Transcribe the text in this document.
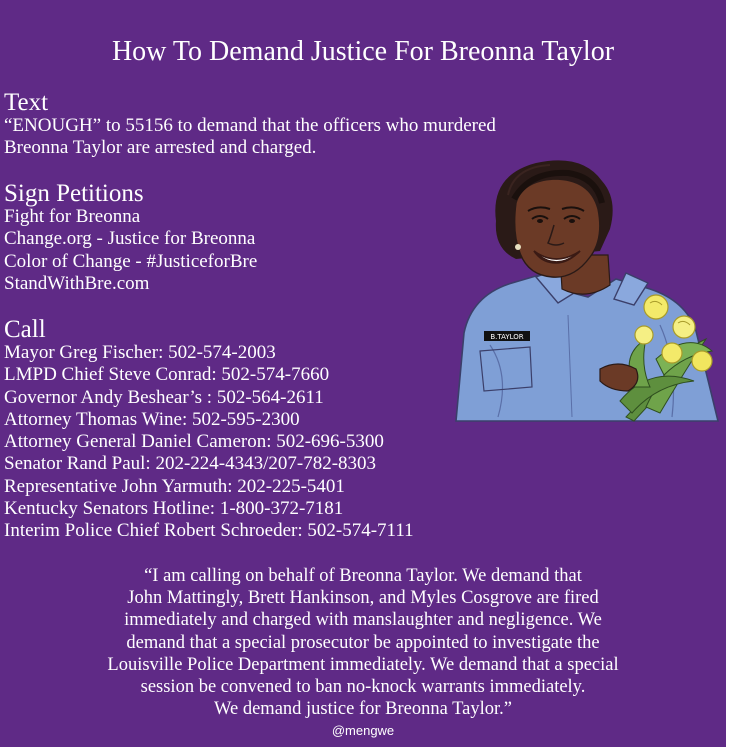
How To Demand Justice For Breonna Taylor
Text
“ENOUGH” to 55156 to demand that the officers who murdered
Breonna Taylor are arrested and charged.
Sign Petitions
Fight for Breonna
Change.org - Justice for Breonna
Color of Change - #JusticeforBre
StandWithBre.com
Call
Mayor Greg Fischer: 502-574-2003
LMPD Chief Steve Conrad: 502-574-7660
Governor Andy Beshear’s : 502-564-2611
Attorney Thomas Wine: 502-595-2300
Attorney General Daniel Cameron: 502-696-5300
Senator Rand Paul: 202-224-4343/207-782-8303
Representative John Yarmuth: 202-225-5401
Kentucky Senators Hotline: 1-800-372-7181
Interim Police Chief Robert Schroeder: 502-574-7111
B.TAYLOR
“I am calling on behalf of Breonna Taylor. We demand that
John Mattingly, Brett Hankinson, and Myles Cosgrove are fired
immediately and charged with manslaughter and negligence. We
demand that a special prosecutor be appointed to investigate the
Louisville Police Department immediately. We demand that a special
session be convened to ban no-knock warrants immediately.
We demand justice for Breonna Taylor.”
@mengwe
